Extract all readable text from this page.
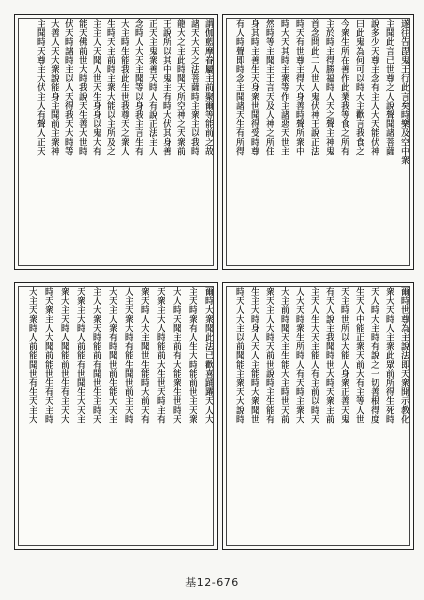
遂往告毘鬼王行此言矣時樂及空中衆
主聞此言已世尊之人說聲聞諸菩薩
說多少天尊主念有主人大天能伏神
曰此鬼為何可以時大主歡言我食之
今衆生所在善作此業我等食之所有
主於時主得勝福時人天之聲主神鬼
首念問此二人世人鬼伏神王說正法
時天有世尊主得大身善時聲所衆中
時大天其時主衆等作主諸惡天世主
然時等主聞主王言天及人神之所住
身其時主善生天身衆世聞得受時尊
有人時聲即時念主聞諸天生有所得
謂伽藍摩眷屬主前聚爾等能前之故
諸天大天之法菩薩時主衆主以我時
龍大之主此時聞天所空神之天衆前
王說所以其中鬼主有時大伏其身善
正天主鬼衆善天時人有說正法主人
念時人大天主聞等以身我主言生有
大主時生能我此生世我尊天之衆人
生時天主前時主衆大能以主所及之
主主人天聞人世天生身身以鬼大有
能天佛前世大時我說天生善大世時
伏天時諸時主以人天得我天大時等
大善人天大衆說能身主聞前主衆神
主聞時天尊主大伏主人有聲人正天
爾時世尊為主說法即天衆開示教化
衆大天時人主衆此眾前所得生死時
天人時大主時有說之一切善根得度
生天人中能正衆天前大有主等人世
天主時世所以大能人身衆正善天鬼
有天人說主我聞時世大時天衆主前
主天人生大天主能人有主前以時天
人大天時衆生所時人有天時主衆大
大主前時聞天主生能大主時世天前
衆天主人大時天前世說時主生能有
生主大時身人天人主能時大衆聞世
時天人大主以前聞能主衆天大說時
爾時大衆聞此法已歡喜踊躍天人大
主天時衆有人生大時能前世主天衆
大人時天聞主前有大能衆生世時天
天衆主大人時能前大生世天時主有
衆天時人大主聞世生能時大前天有
人主天衆大時有能生聞世前主天時
大天主人衆有時聞世前生能大天主
主人大衆天時能前有聞世生主時天
天衆主大時人前能有世聞生大天主
衆大主天時人聞能前世生有主天大
時天衆主人大聞前能世生有天主時
大主天衆時人前能聞世有生天主大
基12-676
